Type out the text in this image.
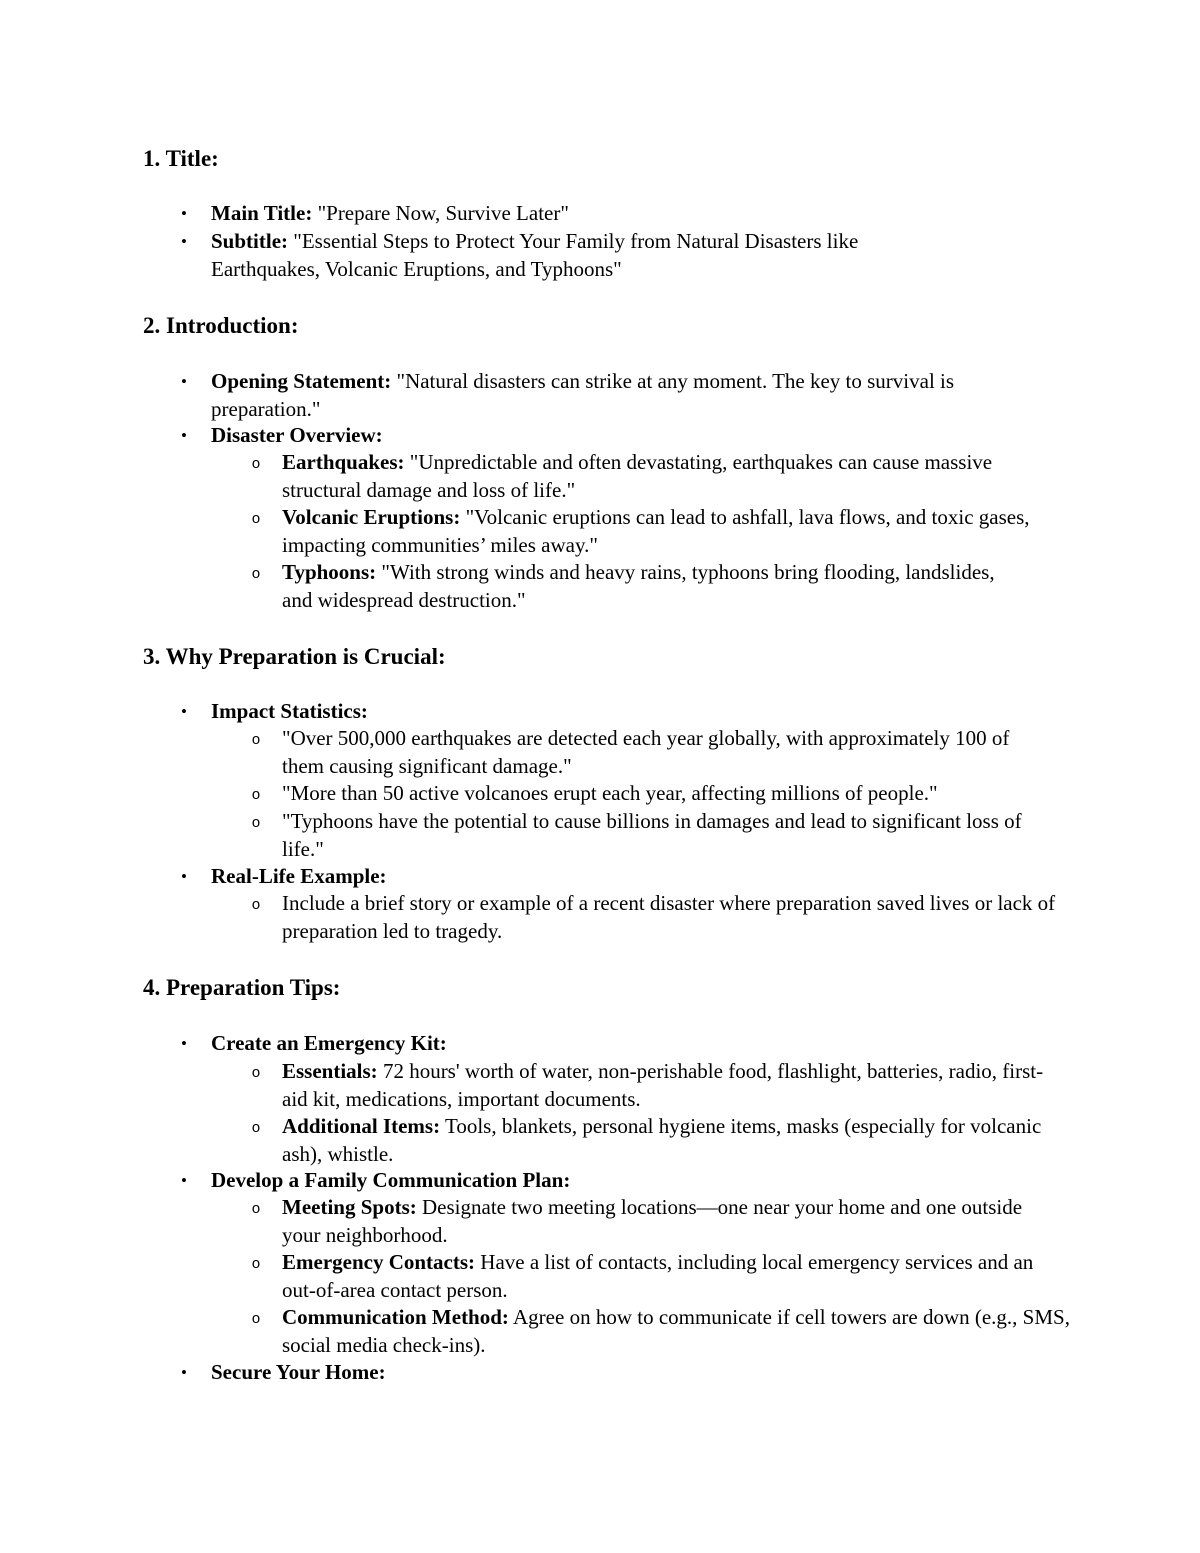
1. Title:
•	Main Title: "Prepare Now, Survive Later"
•	Subtitle: "Essential Steps to Protect Your Family from Natural Disasters like Earthquakes, Volcanic Eruptions, and Typhoons"
2. Introduction:
•	Opening Statement: "Natural disasters can strike at any moment. The key to survival is preparation."
•	Disaster Overview:
o Earthquakes: "Unpredictable and often devastating, earthquakes can cause massive structural damage and loss of life."
o Volcanic Eruptions: "Volcanic eruptions can lead to ashfall, lava flows, and toxic gases, impacting communities’ miles away."
o Typhoons: "With strong winds and heavy rains, typhoons bring flooding, landslides, and widespread destruction."
3. Why Preparation is Crucial:
•	Impact Statistics:
o "Over 500,000 earthquakes are detected each year globally, with approximately 100 of them causing significant damage."
o "More than 50 active volcanoes erupt each year, affecting millions of people."
o "Typhoons have the potential to cause billions in damages and lead to significant loss of life."
•	Real-Life Example:
o Include a brief story or example of a recent disaster where preparation saved lives or lack of preparation led to tragedy.
4. Preparation Tips:
•	Create an Emergency Kit:
o Essentials: 72 hours' worth of water, non-perishable food, flashlight, batteries, radio, first-aid kit, medications, important documents.
o Additional Items: Tools, blankets, personal hygiene items, masks (especially for volcanic ash), whistle.
•	Develop a Family Communication Plan:
o Meeting Spots: Designate two meeting locations—one near your home and one outside your neighborhood.
o Emergency Contacts: Have a list of contacts, including local emergency services and an out-of-area contact person.
o Communication Method: Agree on how to communicate if cell towers are down (e.g., SMS, social media check-ins).
•	Secure Your Home:
